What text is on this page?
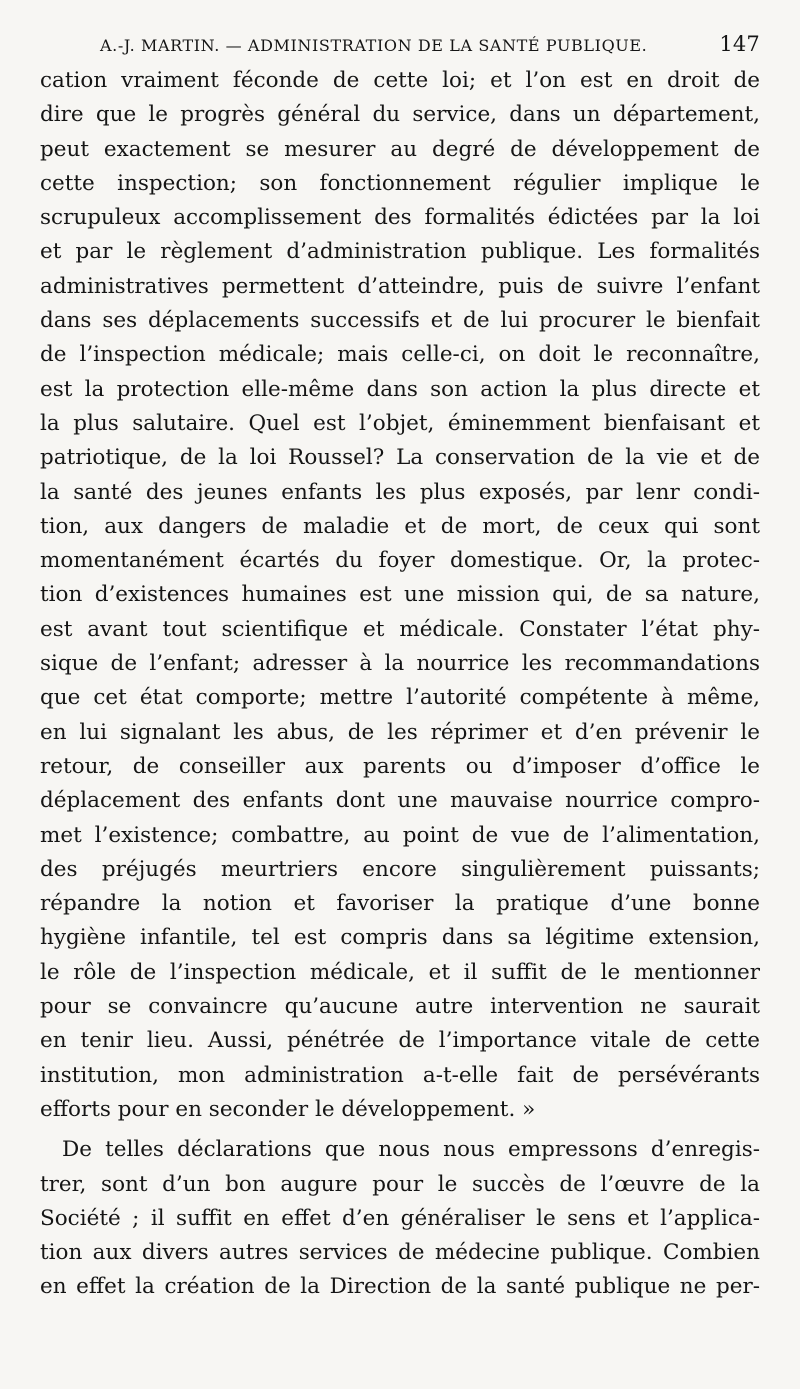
A.-J. MARTIN. — ADMINISTRATION DE LA SANTÉ PUBLIQUE.	147
cation vraiment féconde de cette loi; et l’on est en droit de
dire que le progrès général du service, dans un département,
peut exactement se mesurer au degré de développement de
cette inspection; son fonctionnement régulier implique le
scrupuleux accomplissement des formalités édictées par la loi
et par le règlement d’administration publique. Les formalités
administratives permettent d’atteindre, puis de suivre l’enfant
dans ses déplacements successifs et de lui procurer le bienfait
de l’inspection médicale; mais celle-ci, on doit le reconnaître,
est la protection elle-même dans son action la plus directe et
la plus salutaire. Quel est l’objet, éminemment bienfaisant et
patriotique, de la loi Roussel? La conservation de la vie et de
la santé des jeunes enfants les plus exposés, par lenr condi-
tion, aux dangers de maladie et de mort, de ceux qui sont
momentanément écartés du foyer domestique. Or, la protec-
tion d’existences humaines est une mission qui, de sa nature,
est avant tout scientifique et médicale. Constater l’état phy-
sique de l’enfant; adresser à la nourrice les recommandations
que cet état comporte; mettre l’autorité compétente à même,
en lui signalant les abus, de les réprimer et d’en prévenir le
retour, de conseiller aux parents ou d’imposer d’office le
déplacement des enfants dont une mauvaise nourrice compro-
met l’existence; combattre, au point de vue de l’alimentation,
des préjugés meurtriers encore singulièrement puissants;
répandre la notion et favoriser la pratique d’une bonne
hygiène infantile, tel est compris dans sa légitime extension,
le rôle de l’inspection médicale, et il suffit de le mentionner
pour se convaincre qu’aucune autre intervention ne saurait
en tenir lieu. Aussi, pénétrée de l’importance vitale de cette
institution, mon administration a-t-elle fait de persévérants
efforts pour en seconder le développement. »
De telles déclarations que nous nous empressons d’enregis-
trer, sont d’un bon augure pour le succès de l’œuvre de la
Société ; il suffit en effet d’en généraliser le sens et l’applica-
tion aux divers autres services de médecine publique. Combien
en effet la création de la Direction de la santé publique ne per-
